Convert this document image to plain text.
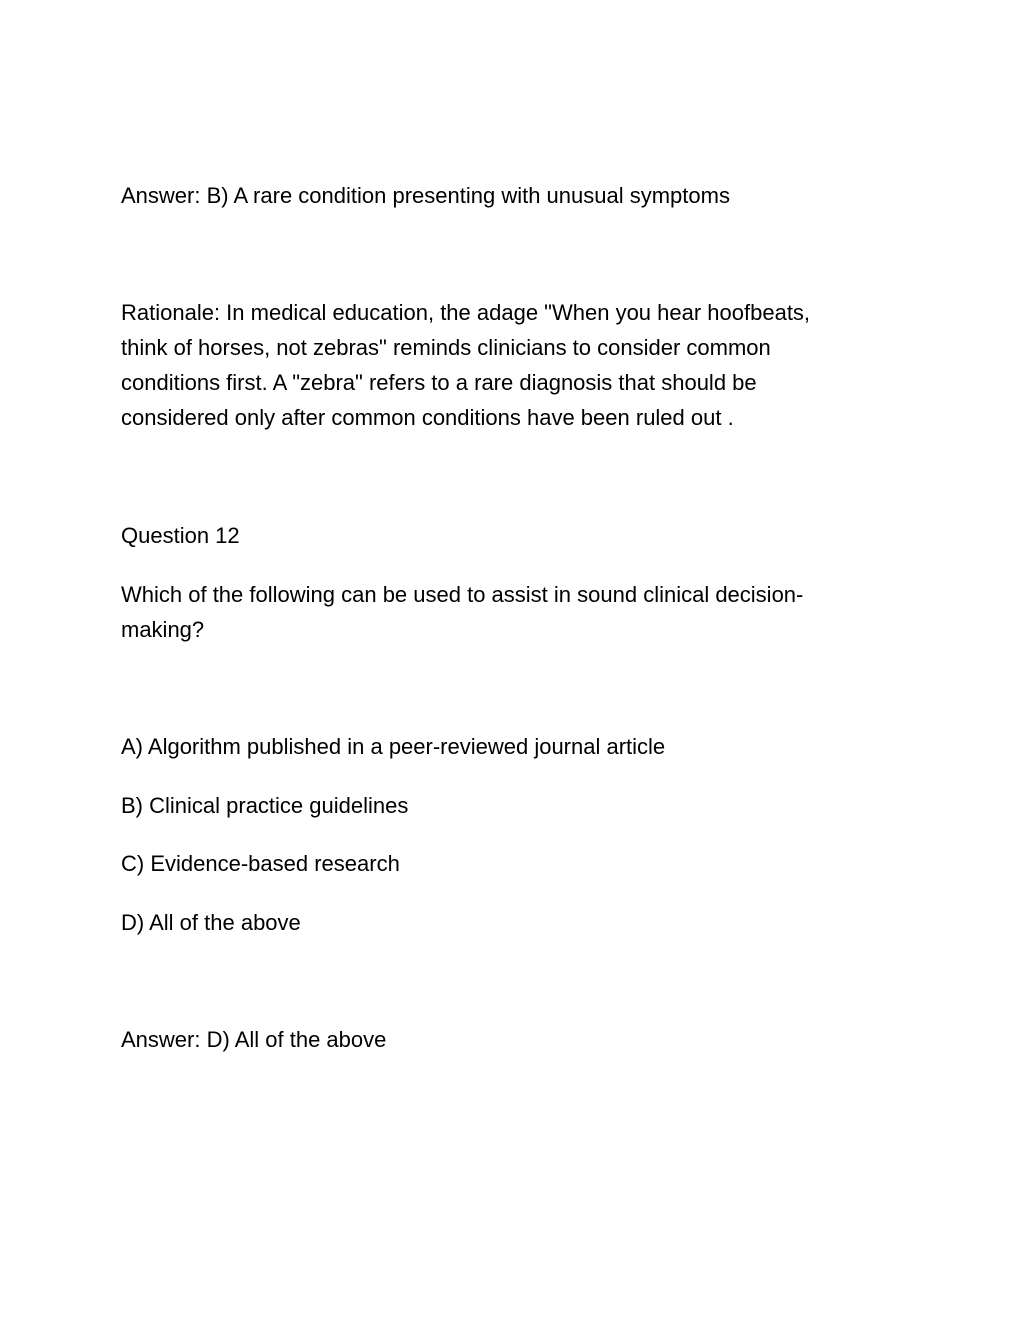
Answer: B) A rare condition presenting with unusual symptoms

Rationale: In medical education, the adage "When you hear hoofbeats,
think of horses, not zebras" reminds clinicians to consider common
conditions first. A "zebra" refers to a rare diagnosis that should be
considered only after common conditions have been ruled out .

Question 12

Which of the following can be used to assist in sound clinical decision-
making?

A) Algorithm published in a peer-reviewed journal article

B) Clinical practice guidelines

C) Evidence-based research

D) All of the above

Answer: D) All of the above
